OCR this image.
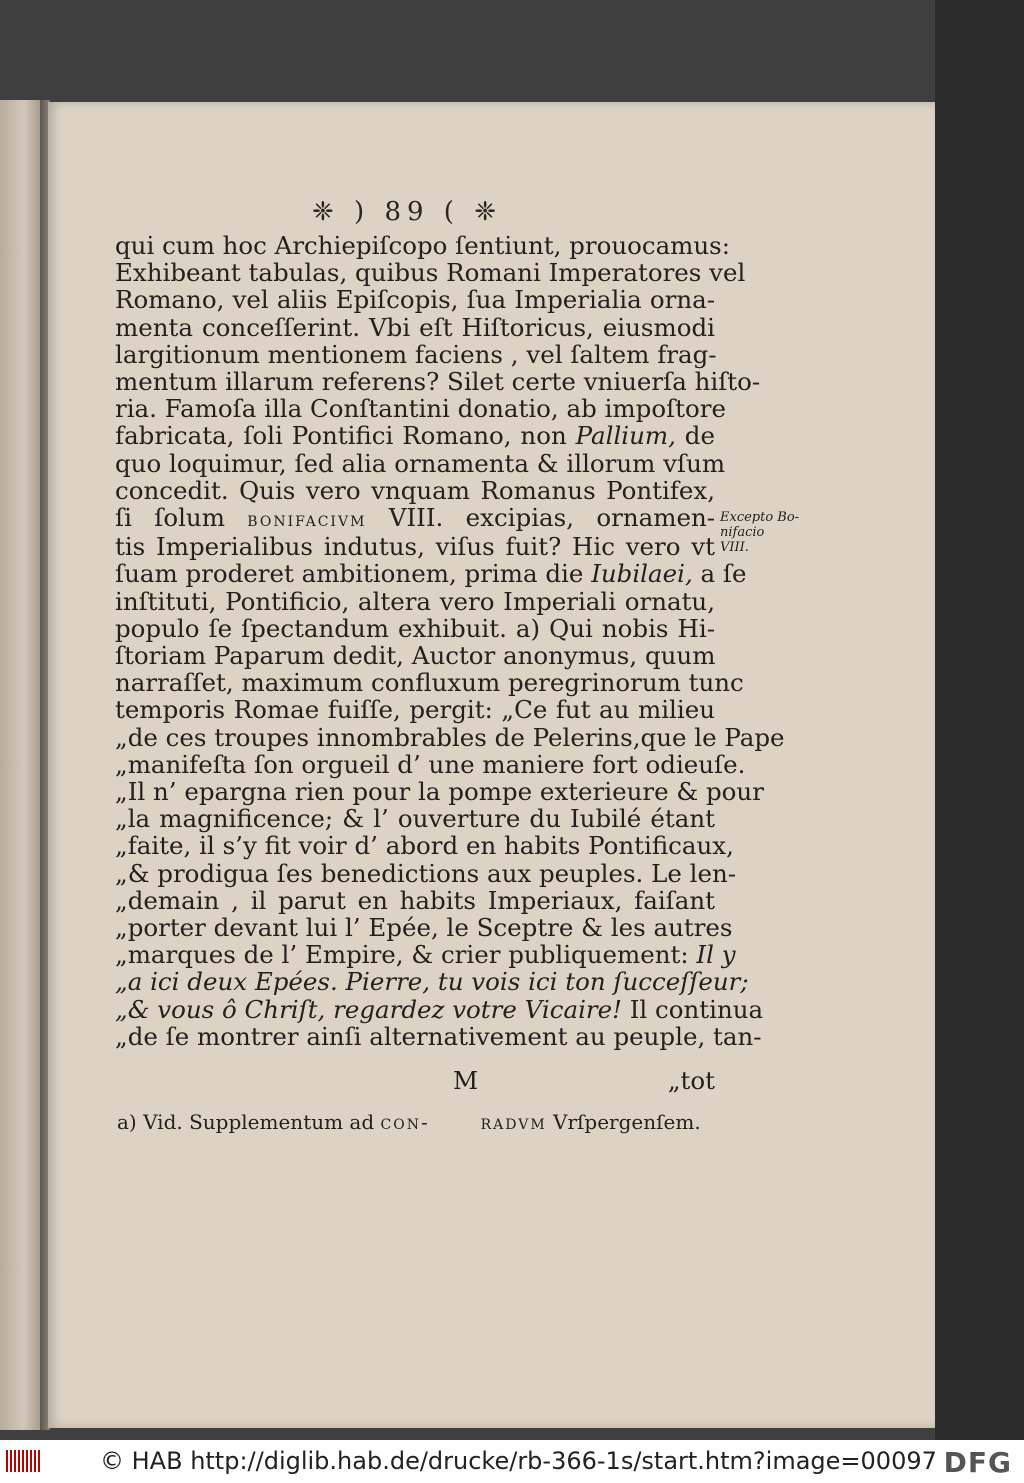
❈ ) 89 ( ❈
qui cum hoc Archiepiſcopo ſentiunt, prouocamus:
Exhibeant tabulas, quibus Romani Imperatores vel
Romano, vel aliis Epiſcopis, ſua Imperialia orna-
menta conceſſerint. Vbi eſt Hiſtoricus, eiusmodi
largitionum mentionem faciens , vel ſaltem frag-
mentum illarum referens? Silet certe vniuerſa hiſto-
ria. Famoſa illa Conſtantini donatio, ab impoſtore
fabricata, ſoli Pontifici Romano, non Pallium, de
quo loquimur, ſed alia ornamenta & illorum vſum
concedit. Quis vero vnquam Romanus Pontifex,
ſi ſolum bonifacivm VIII. excipias, ornamen-
tis Imperialibus indutus, viſus fuit? Hic vero vt
ſuam proderet ambitionem, prima die Iubilaei, a ſe
inſtituti, Pontificio, altera vero Imperiali ornatu,
populo ſe ſpectandum exhibuit. a) Qui nobis Hi-
ſtoriam Paparum dedit, Auctor anonymus, quum
narraſſet, maximum confluxum peregrinorum tunc
temporis Romae fuiſſe, pergit: „Ce fut au milieu
„de ces troupes innombrables de Pelerins,que le Pape
„manifeſta ſon orgueil d’ une maniere fort odieuſe.
„Il n’ epargna rien pour la pompe exterieure & pour
„la magnificence; & l’ ouverture du Iubilé étant
„faite, il s’y fit voir d’ abord en habits Pontificaux,
„& prodigua ſes benedictions aux peuples. Le len-
„demain , il parut en habits Imperiaux, faiſant
„porter devant lui l’ Epée, le Sceptre & les autres
„marques de l’ Empire, & crier publiquement: Il y
„a ici deux Epées. Pierre, tu vois ici ton ſucceſſeur;
„& vous ô Chriſt, regardez votre Vicaire! Il continua
„de ſe montrer ainſi alternativement au peuple, tan-
M	„tot
a) Vid. Supplementum ad con-	radvm Vrſpergenſem.
Excepto Bo-
nifacio
VIII.
© HAB http://diglib.hab.de/drucke/rb-366-1s/start.htm?image=00097 DFG
